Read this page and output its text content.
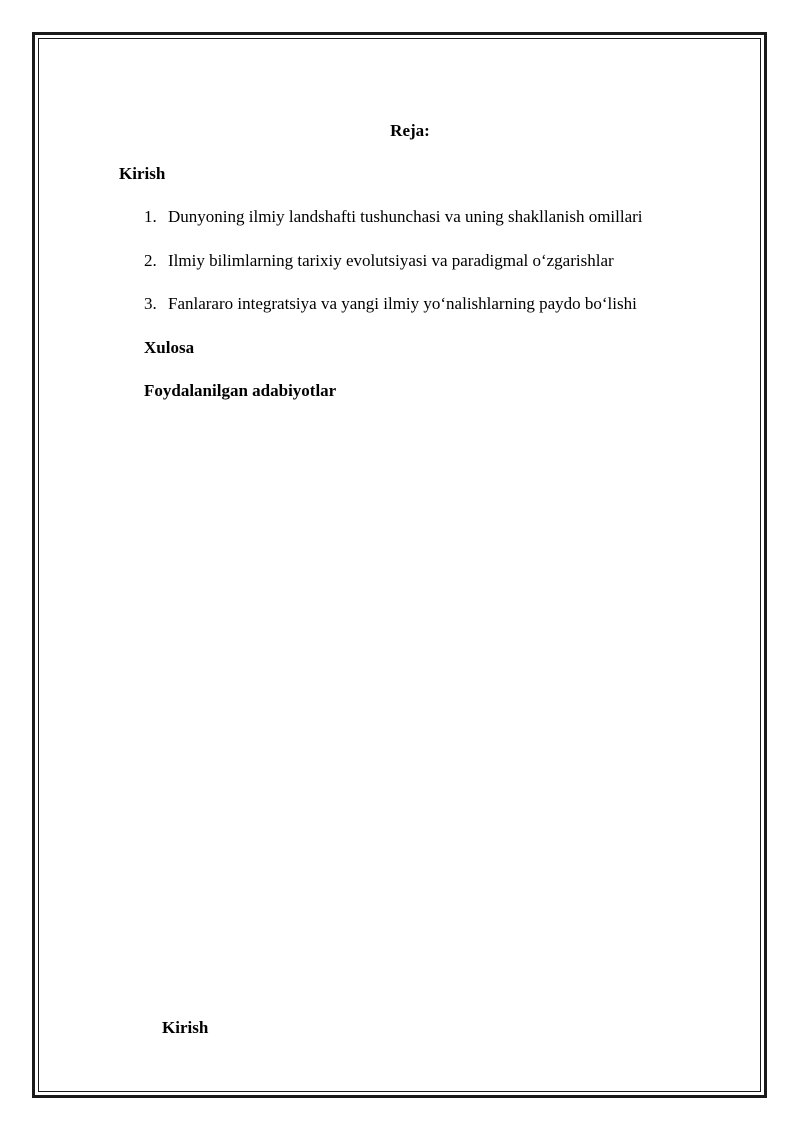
Reja:
Kirish
1. Dunyoning ilmiy landshafti tushunchasi va uning shakllanish omillari
2. Ilmiy bilimlarning tarixiy evolutsiyasi va paradigmal o‘zgarishlar
3. Fanlararo integratsiya va yangi ilmiy yo‘nalishlarning paydo bo‘lishi
Xulosa
Foydalanilgan adabiyotlar
Kirish
